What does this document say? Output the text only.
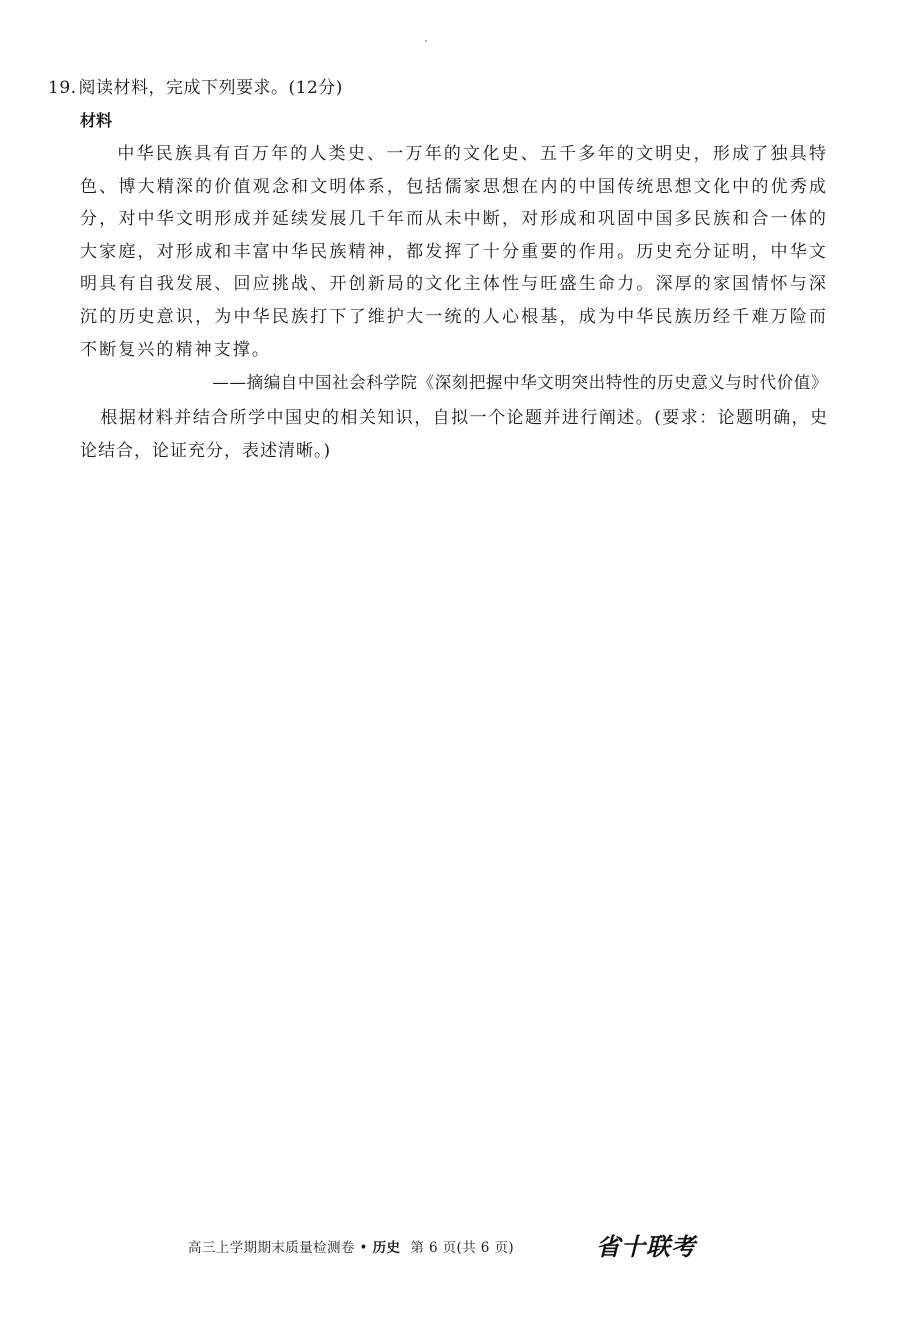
19. 阅读材料，完成下列要求。(12分)
材料

中华民族具有百万年的人类史、一万年的文化史、五千多年的文明史，形成了独具特色、博大精深的价值观念和文明体系，包括儒家思想在内的中国传统思想文化中的优秀成分，对中华文明形成并延续发展几千年而从未中断，对形成和巩固中国多民族和合一体的大家庭，对形成和丰富中华民族精神，都发挥了十分重要的作用。历史充分证明，中华文明具有自我发展、回应挑战、开创新局的文化主体性与旺盛生命力。深厚的家国情怀与深沉的历史意识，为中华民族打下了维护大一统的人心根基，成为中华民族历经千难万险而不断复兴的精神支撑。

——摘编自中国社会科学院《深刻把握中华文明突出特性的历史意义与时代价值》

根据材料并结合所学中国史的相关知识，自拟一个论题并进行阐述。(要求：论题明确，史论结合，论证充分，表述清晰。)

高三上学期期末质量检测卷 • 历史 第 6 页(共 6 页)	省十联考
